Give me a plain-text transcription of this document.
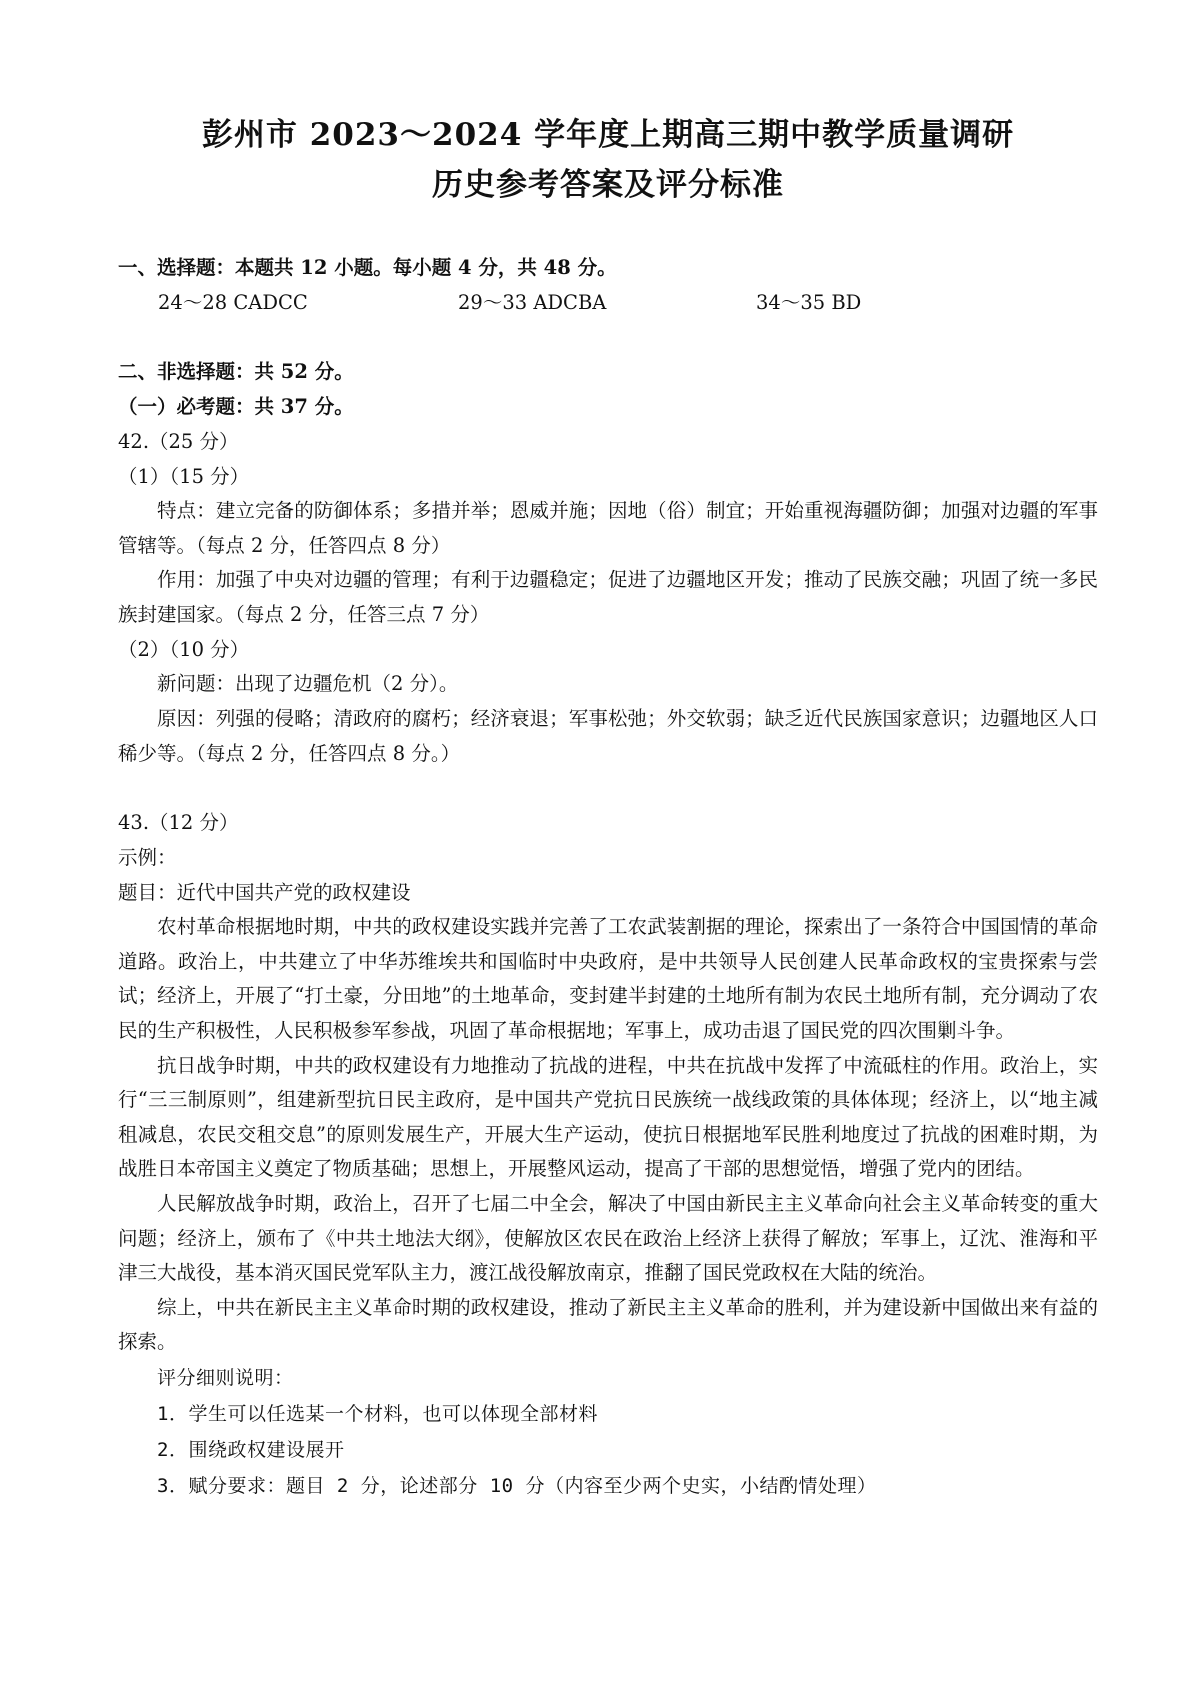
彭州市 2023～2024 学年度上期高三期中教学质量调研

历史参考答案及评分标准

一、选择题：本题共 12 小题。每小题 4 分，共 48 分。

24～28 CADCC	29～33 ADCBA	34～35 BD

二、非选择题：共 52 分。

（一）必考题：共 37 分。

42.（25 分）

（1）（15 分）

特点：建立完备的防御体系；多措并举；恩威并施；因地（俗）制宜；开始重视海疆防御；加强对边疆的军事管辖等。（每点 2 分，任答四点 8 分）

作用：加强了中央对边疆的管理；有利于边疆稳定；促进了边疆地区开发；推动了民族交融；巩固了统一多民族封建国家。（每点 2 分，任答三点 7 分）

（2）（10 分）

新问题：出现了边疆危机（2 分）。

原因：列强的侵略；清政府的腐朽；经济衰退；军事松弛；外交软弱；缺乏近代民族国家意识；边疆地区人口稀少等。（每点 2 分，任答四点 8 分。）

43.（12 分）

示例：

题目：近代中国共产党的政权建设

农村革命根据地时期，中共的政权建设实践并完善了工农武装割据的理论，探索出了一条符合中国国情的革命道路。政治上，中共建立了中华苏维埃共和国临时中央政府，是中共领导人民创建人民革命政权的宝贵探索与尝试；经济上，开展了“打土豪，分田地”的土地革命，变封建半封建的土地所有制为农民土地所有制，充分调动了农民的生产积极性，人民积极参军参战，巩固了革命根据地；军事上，成功击退了国民党的四次围剿斗争。

抗日战争时期，中共的政权建设有力地推动了抗战的进程，中共在抗战中发挥了中流砥柱的作用。政治上，实行“三三制原则”，组建新型抗日民主政府，是中国共产党抗日民族统一战线政策的具体体现；经济上，以“地主减租减息，农民交租交息”的原则发展生产，开展大生产运动，使抗日根据地军民胜利地度过了抗战的困难时期，为战胜日本帝国主义奠定了物质基础；思想上，开展整风运动，提高了干部的思想觉悟，增强了党内的团结。

人民解放战争时期，政治上，召开了七届二中全会，解决了中国由新民主主义革命向社会主义革命转变的重大问题；经济上，颁布了《中共土地法大纲》，使解放区农民在政治上经济上获得了解放；军事上，辽沈、淮海和平津三大战役，基本消灭国民党军队主力，渡江战役解放南京，推翻了国民党政权在大陆的统治。

综上，中共在新民主主义革命时期的政权建设，推动了新民主主义革命的胜利，并为建设新中国做出来有益的探索。

评分细则说明：

1．学生可以任选某一个材料，也可以体现全部材料

2．围绕政权建设展开

3．赋分要求：题目 2 分，论述部分 10 分（内容至少两个史实，小结酌情处理）
